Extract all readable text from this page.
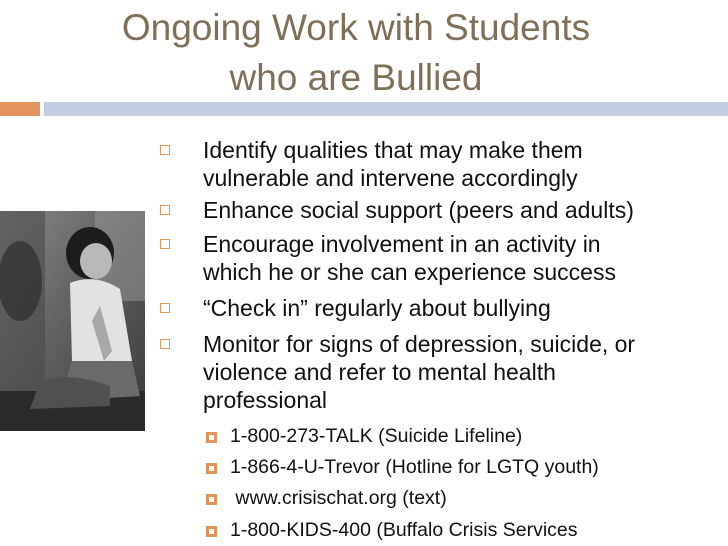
Ongoing Work with Students
who are Bullied
Identify qualities that may make them
vulnerable and intervene accordingly
Enhance social support (peers and adults)
Encourage involvement in an activity in
which he or she can experience success
“Check in” regularly about bullying
Monitor for signs of depression, suicide, or
violence and refer to mental health
professional
1-800-273-TALK (Suicide Lifeline)
1-866-4-U-Trevor (Hotline for LGTQ youth)
www.crisischat.org (text)
1-800-KIDS-400 (Buffalo Crisis Services
